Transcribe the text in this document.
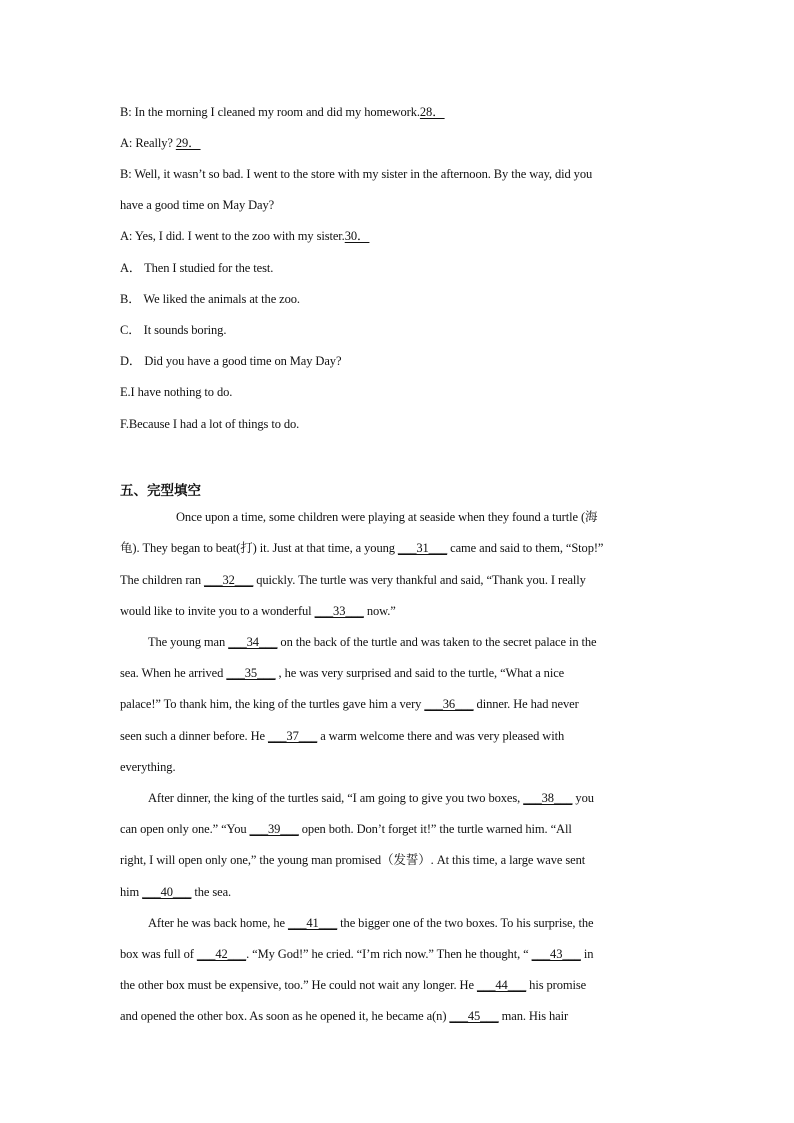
B: In the morning I cleaned my room and did my homework.28．
A: Really? 29．
B: Well, it wasn’t so bad. I went to the store with my sister in the afternoon. By the way, did you
have a good time on May Day?
A: Yes, I did. I went to the zoo with my sister.30．
A． Then I studied for the test.
B． We liked the animals at the zoo.
C． It sounds boring.
D． Did you have a good time on May Day?
E.I have nothing to do.
F.Because I had a lot of things to do.
五、完型填空
Once upon a time, some children were playing at seaside when they found a turtle (海
龟). They began to beat(打) it. Just at that time, a young ___31___ came and said to them, “Stop!”
The children ran ___32___ quickly. The turtle was very thankful and said, “Thank you. I really
would like to invite you to a wonderful ___33___ now.”
The young man ___34___ on the back of the turtle and was taken to the secret palace in the
sea. When he arrived ___35___ , he was very surprised and said to the turtle, “What a nice
palace!” To thank him, the king of the turtles gave him a very ___36___ dinner. He had never
seen such a dinner before. He ___37___ a warm welcome there and was very pleased with
everything.
After dinner, the king of the turtles said, “I am going to give you two boxes, ___38___ you
can open only one.” “You ___39___ open both. Don’t forget it!” the turtle warned him. “All
right, I will open only one,” the young man promised（发誓）. At this time, a large wave sent
him ___40___ the sea.
After he was back home, he ___41___ the bigger one of the two boxes. To his surprise, the
box was full of ___42___. “My God!” he cried. “I’m rich now.” Then he thought, “ ___43___ in
the other box must be expensive, too.” He could not wait any longer. He ___44___ his promise
and opened the other box. As soon as he opened it, he became a(n) ___45___ man. His hair
